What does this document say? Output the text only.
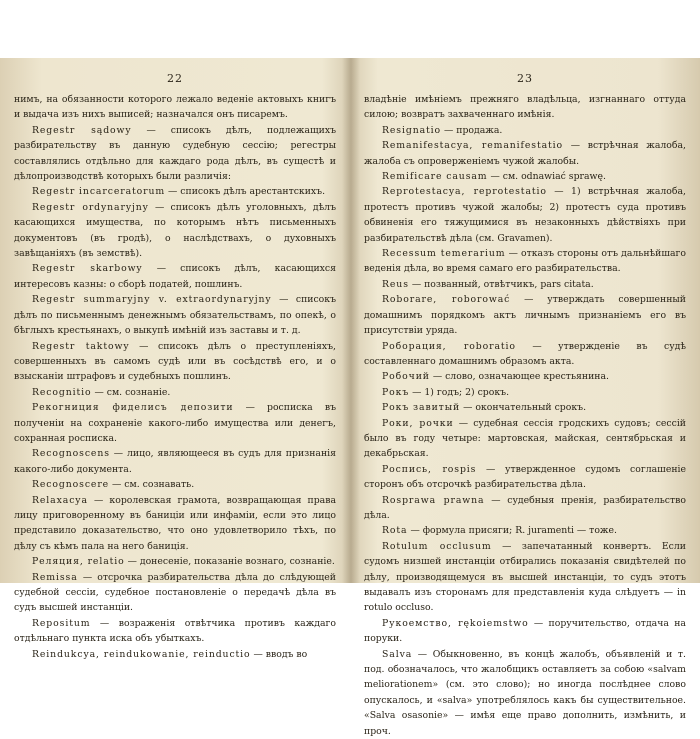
22

нимъ, на обязанности которого лежало веденіе актовыхъ книгъ и выдача изъ нихъ выписей; назначался онъ писаремъ.

Regestr sądowy — списокъ дѣлъ, подлежащихъ разбирательству въ данную судебную сессію; регестры составлялись отдѣльно для каждаго рода дѣлъ, въ сущестѣ и дѣлопроизводствѣ которыхъ были различія:

Regestr incarceratorum — списокъ дѣлъ арестантскихъ.

Regestr ordynaryjny — списокъ дѣлъ уголовныхъ, дѣлъ касающихся имущества, по которымъ нѣтъ письменныхъ документовъ (въ гродѣ), о наслѣдствахъ, о духовныхъ завѣщаніяхъ (въ земствѣ).

Regestr skarbowy — списокъ дѣлъ, касающихся интересовъ казны: о сборѣ податей, пошлинъ.

Regestr summaryjny v. extraordynaryjny — списокъ дѣлъ по письменнымъ денежнымъ обязательствамъ, по опекѣ, о бѣглыхъ крестьянахъ, о выкупѣ имѣній изъ заставы и т. д.

Regestr taktowy — списокъ дѣлъ о преступленіяхъ, совершенныхъ въ самомъ судѣ или въ сосѣдствѣ его, и о взысканіи штрафовъ и судебныхъ пошлинъ.

Recognitio — см. сознаніе.

Рекогниция фиделисъ депозити — роспиcка въ полученіи на сохраненіе какого-либо имущества или денегъ, сохранная роспиcка.

Recognoscens — лицо, являющееся въ судъ для признанія какого-либо документа.

Recognoscere — см. сознавать.

Relaxacya — королевская грамота, возвращающая права лицу приговоренному въ баниціи или инфаміи, если это лицо представило доказательство, что оно удовлетворило тѣхъ, по дѣлу съ кѣмъ пала на него баниція.

Реляция, relatio — донесеніе, показаніе вознаго, сознаніе.

Remissa — отсрочка разбирательства дѣла до слѣдующей судебной сессіи, судебное постановленіе о передачѣ дѣла въ судъ высшей инстанціи.

Repositum — возраженія отвѣтчика противъ каждаго отдѣльнаго пункта иска объ убыткахъ.

Reindukcya, reindukowanie, reinductio — вводъ во

23

владѣніе имѣніемъ прежняго владѣльца, изгнаннаго оттуда силою; возвратъ захваченнаго имѣнія.

Resignatio — продажа.

Remanifestacya, remanifestatio — встрѣчная жалоба, жалоба съ опроверженіемъ чужой жалобы.

Remificare causam — см. odnawiać sprawę.

Reprotestacya, reprotestatio — 1) встрѣчная жалоба, протестъ противъ чужой жалобы; 2) протестъ суда противъ обвиненія его тяжущимися въ незаконныхъ дѣйствіяхъ при разбирательствѣ дѣла (см. Gravamen).

Recessum temerarium — отказъ стороны отъ дальнѣйшаго веденія дѣла, во время самаго его разбирательства.

Reus — позванный, отвѣтчикъ, pars citata.

Roborare, roborować — утверждать совершенный домашнимъ порядкомъ актъ личнымъ признаніемъ его въ присутствіи уряда.

Роборация, roboratio — утвержденіе въ судѣ составленнаго домашнимъ образомъ акта.

Робочий — слово, означающее крестьянина.

Рокъ — 1) годъ; 2) срокъ.

Рокъ завитый — окончательный срокъ.

Роки, рочки — судебная сессія гродскихъ судовъ; сессій было въ году четыре: мартовская, майская, сентябрьская и декабрьская.

Роспись, rospis — утвержденное судомъ соглашеніе сторонъ объ отсрочкѣ разбирательства дѣла.

Rosprawa prawna — судебныя пренія, разбирательство дѣла.

Rota — формула присяги; R. juramenti — тоже.

Rotulum occlusum — запечатанный конвертъ. Если судомъ низшей инстанціи отбирались показанія свидѣтелей по дѣлу, производящемуся въ высшей инстанціи, то судъ этотъ выдавалъ изъ сторонамъ для представленія куда слѣдуетъ — in rotulo occluso.

Рукоемство, rękoiemstwo — поручительство, отдача на поруки.

Salva — Обыкновенно, въ концѣ жалобъ, объявленій и т. под. обозначалось, что жалобщикъ оставляетъ за собою «salvam meliorationem» (см. это слово); но иногда послѣднее слово опускалось, и «salva» употреблялось какъ бы существительное. «Salva osasonie» — имѣя еще право дополнить, измѣнить, и проч.
